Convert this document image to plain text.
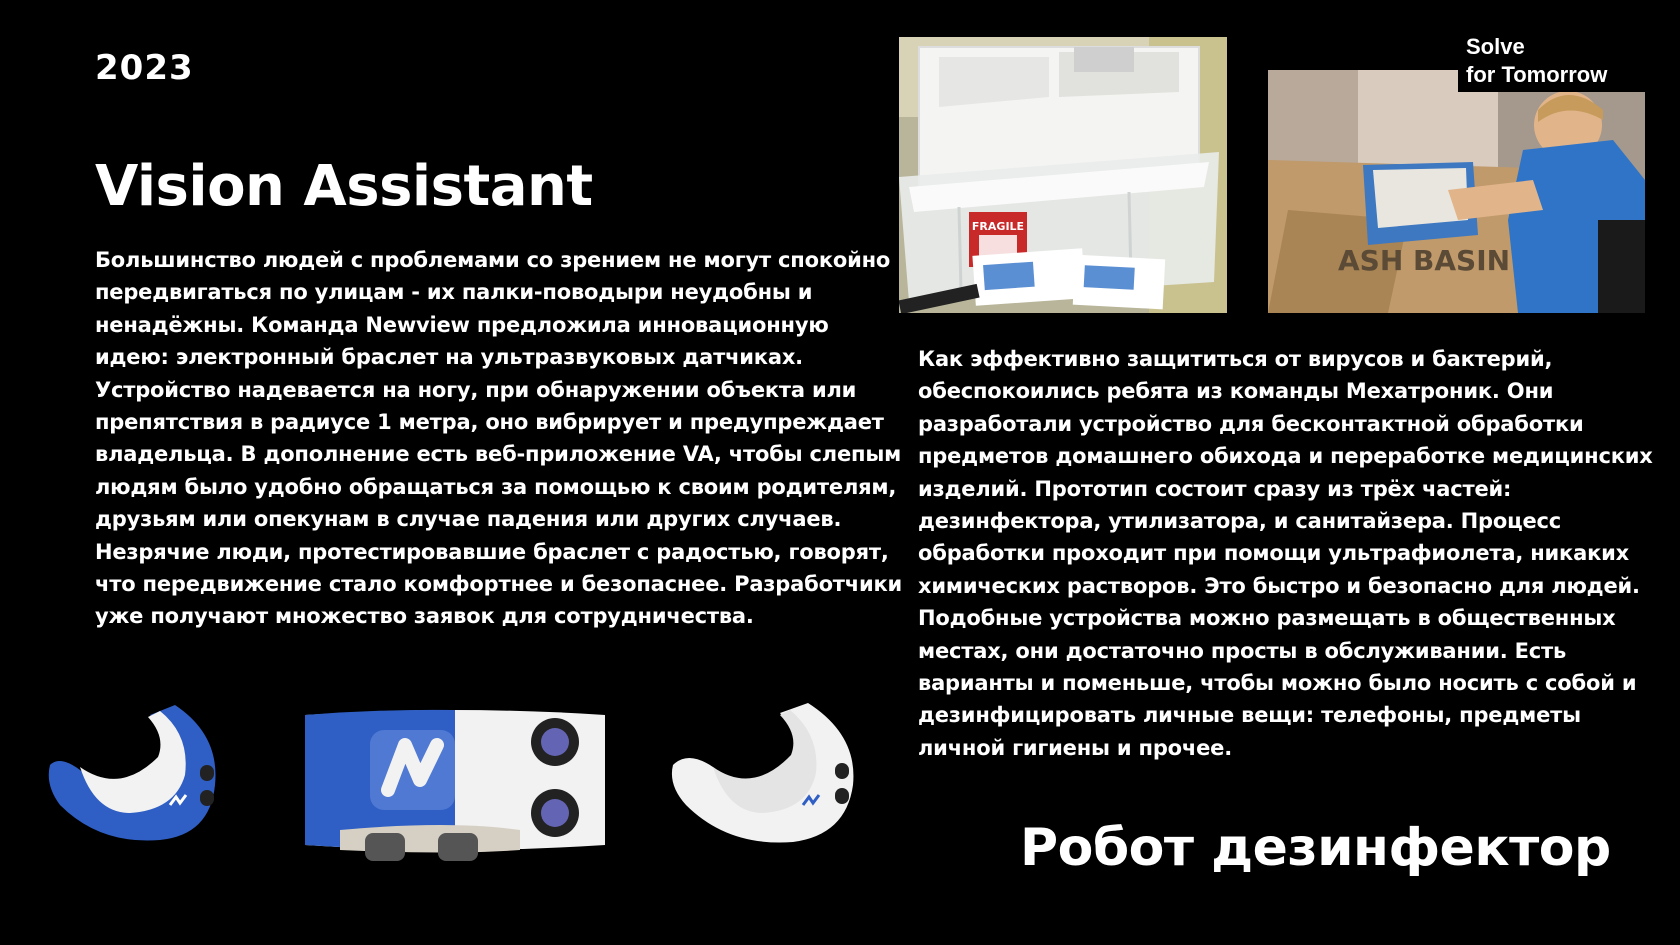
2023
Vision Assistant

Большинство людей с проблемами со зрением не могут спокойно передвигаться по улицам - их палки-поводыри неудобны и ненадёжны. Команда Newview предложила инновационную идею: электронный браслет на ультразвуковых датчиках. Устройство надевается на ногу, при обнаружении объекта или препятствия в радиусе 1 метра, оно вибрирует и предупреждает владельца. В дополнение есть веб-приложение VA, чтобы слепым людям было удобно обращаться за помощью к своим родителям, друзьям или опекунам в случае падения или других случаев.

Незрячие люди, протестировавшие браслет с радостью, говорят, что передвижение стало комфортнее и безопаснее. Разработчики уже получают множество заявок для сотрудничества.

FRAGILE
ASH BASIN
Solve
for Tomorrow
Как эффективно защититься от вирусов и бактерий, обеспокоились ребята из команды Мехатроник. Они разработали устройство для бесконтактной обработки предметов домашнего обихода и переработке медицинских изделий. Прототип состоит сразу из трёх частей: дезинфектора, утилизатора, и санитайзера. Процесс обработки проходит при помощи ультрафиолета, никаких химических растворов. Это быстро и безопасно для людей. Подобные устройства можно размещать в общественных местах, они достаточно просты в обслуживании. Есть варианты и поменьше, чтобы можно было носить с собой и дезинфицировать личные вещи: телефоны, предметы личной гигиены и прочее.
Робот дезинфектор
